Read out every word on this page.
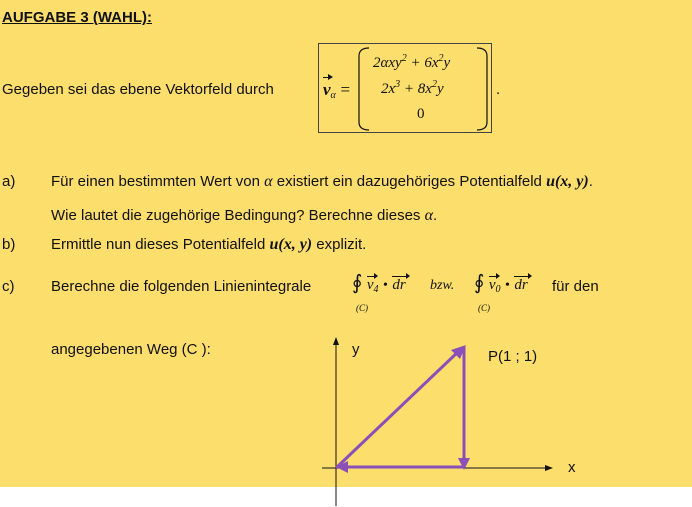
AUFGABE 3 (WAHL):
Gegeben sei das ebene Vektorfeld durch	$v_\alpha$ =
$2\alpha xy^2 + 6x^2y$
$2x^3 + 8x^2y$
0
.
a) Für einen bestimmten Wert von α existiert ein dazugehöriges Potentialfeld u(x, y).
Wie lautet die zugehörige Bedingung? Berechne dieses α.
b) Ermittle nun dieses Potentialfeld u(x, y) explizit.
c) Berechne die folgenden Linienintegrale ∮ $v_4$ • dr
(C)
bzw. ∮ $v_0$ • dr
(C)
für den
angegebenen Weg (C ):	y	P(1 ; 1)
x
